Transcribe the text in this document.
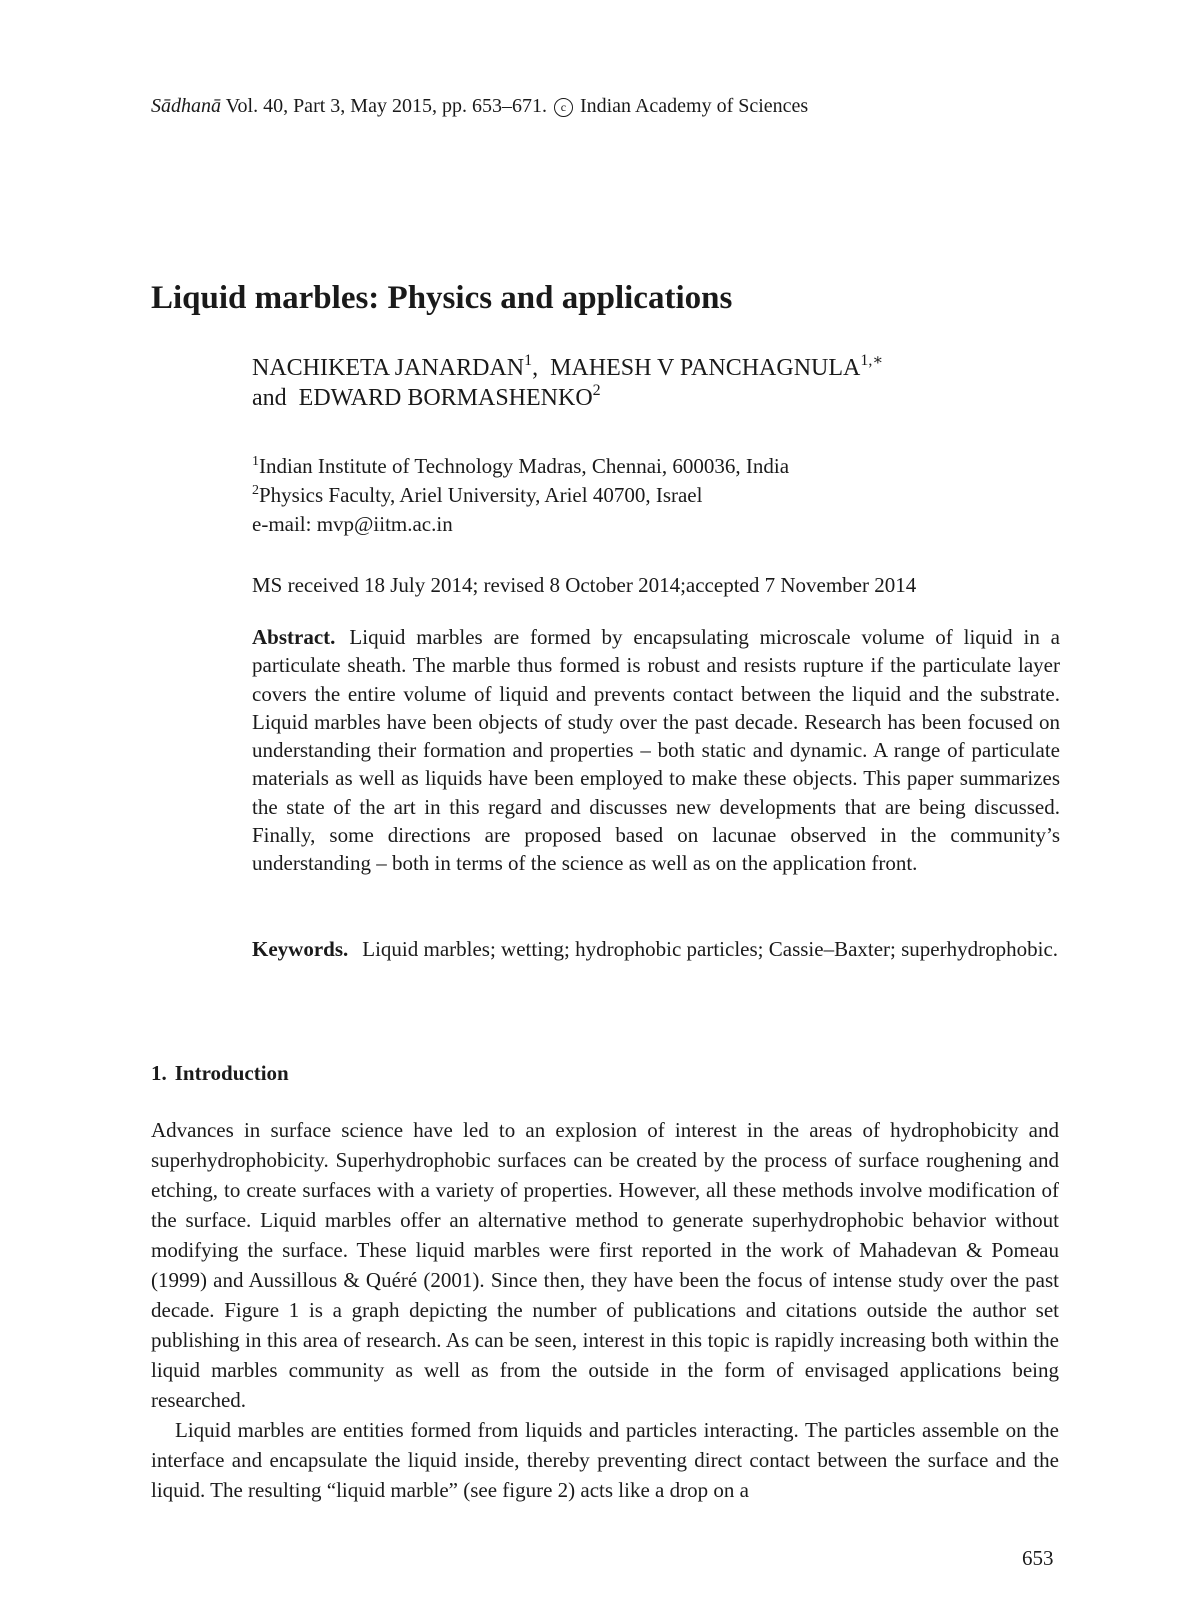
Sādhanā Vol. 40, Part 3, May 2015, pp. 653–671. c Indian Academy of Sciences
Liquid marbles: Physics and applications
NACHIKETA JANARDAN$^1$,  MAHESH V $PANCHAGNULA^{1,∗}$
and EDWARD BORMASHENKO$^2$
$^1$Indian Institute of Technology Madras, Chennai, 600036, India
$^2$Physics Faculty, Ariel University, Ariel 40700, Israel
e-mail: mvp@iitm.ac.in
MS received 18 July 2014; revised 8 October 2014;accepted 7 November 2014

Abstract. Liquid marbles are formed by encapsulating microscale volume of liquid in a particulate sheath. The marble thus formed is robust and resists rupture if the particulate layer covers the entire volume of liquid and prevents contact between the liquid and the substrate. Liquid marbles have been objects of study over the past decade. Research has been focused on understanding their formation and properties – both static and dynamic. A range of particulate materials as well as liquids have been employed to make these objects. This paper summarizes the state of the art in this regard and discusses new developments that are being discussed. Finally, some directions are proposed based on lacunae observed in the community’s understanding – both in terms of the science as well as on the application front.

Keywords. Liquid marbles; wetting; hydrophobic particles; Cassie–Baxter; superhydrophobic.

1. Introduction

Advances in surface science have led to an explosion of interest in the areas of hydrophobicity and superhydrophobicity. Superhydrophobic surfaces can be created by the process of surface roughening and etching, to create surfaces with a variety of properties. However, all these methods involve modification of the surface. Liquid marbles offer an alternative method to generate superhydrophobic behavior without modifying the surface. These liquid marbles were first reported in the work of Mahadevan & Pomeau (1999) and Aussillous & Quéré (2001). Since then, they have been the focus of intense study over the past decade. Figure 1 is a graph depicting the number of publications and citations outside the author set publishing in this area of research. As can be seen, interest in this topic is rapidly increasing both within the liquid marbles community as well as from the outside in the form of envisaged applications being researched.

Liquid marbles are entities formed from liquids and particles interacting. The particles assemble on the interface and encapsulate the liquid inside, thereby preventing direct contact between the surface and the liquid. The resulting “liquid marble” (see figure 2) acts like a drop on a

653
